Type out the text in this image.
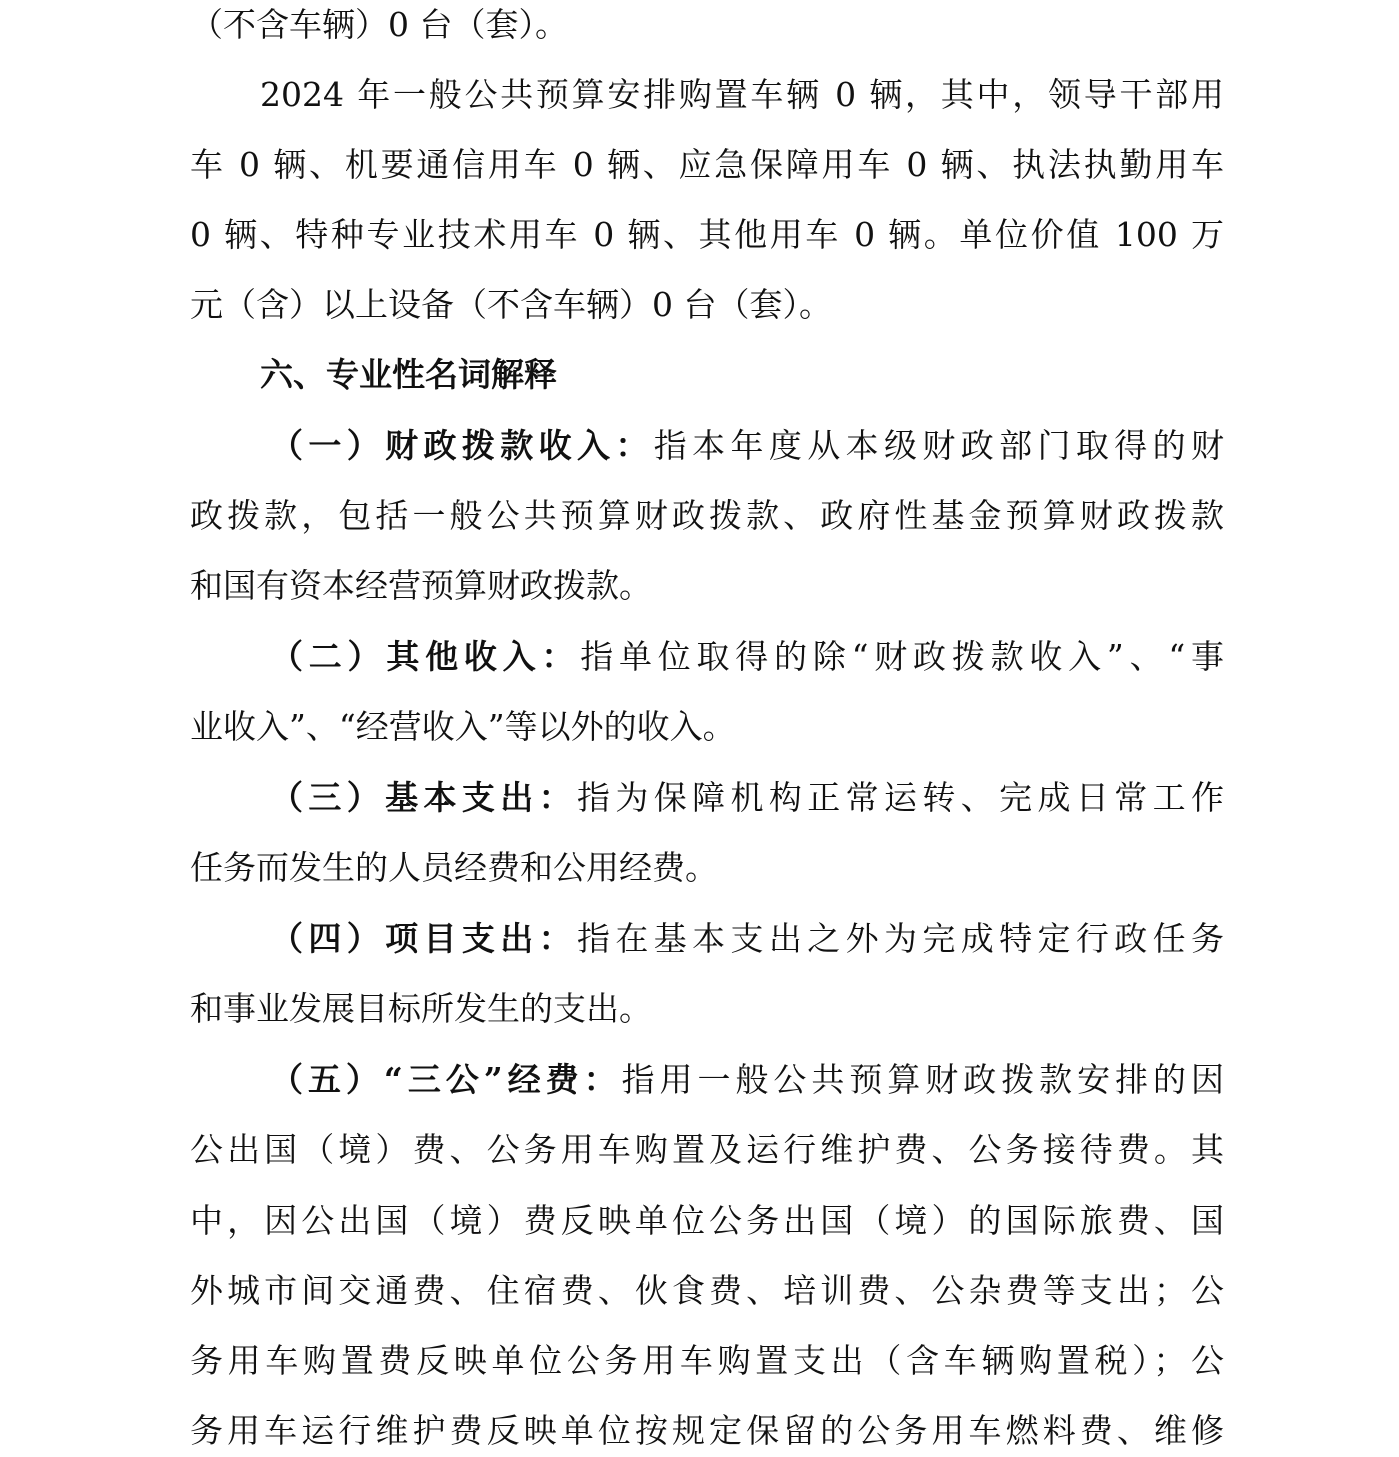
（不含车辆）0 台（套）。
2024 年一般公共预算安排购置车辆 0 辆，其中，领导干部用
车 0 辆、机要通信用车 0 辆、应急保障用车 0 辆、执法执勤用车
0 辆、特种专业技术用车 0 辆、其他用车 0 辆。单位价值 100 万
元（含）以上设备（不含车辆）0 台（套）。
六、专业性名词解释
（一）财政拨款收入：指本年度从本级财政部门取得的财
政拨款，包括一般公共预算财政拨款、政府性基金预算财政拨款
和国有资本经营预算财政拨款。
（二）其他收入：指单位取得的除“财政拨款收入”、“事
业收入”、“经营收入”等以外的收入。
（三）基本支出：指为保障机构正常运转、完成日常工作
任务而发生的人员经费和公用经费。
（四）项目支出：指在基本支出之外为完成特定行政任务
和事业发展目标所发生的支出。
（五）“三公”经费：指用一般公共预算财政拨款安排的因
公出国（境）费、公务用车购置及运行维护费、公务接待费。其
中，因公出国（境）费反映单位公务出国（境）的国际旅费、国
外城市间交通费、住宿费、伙食费、培训费、公杂费等支出；公
务用车购置费反映单位公务用车购置支出（含车辆购置税）；公
务用车运行维护费反映单位按规定保留的公务用车燃料费、维修
